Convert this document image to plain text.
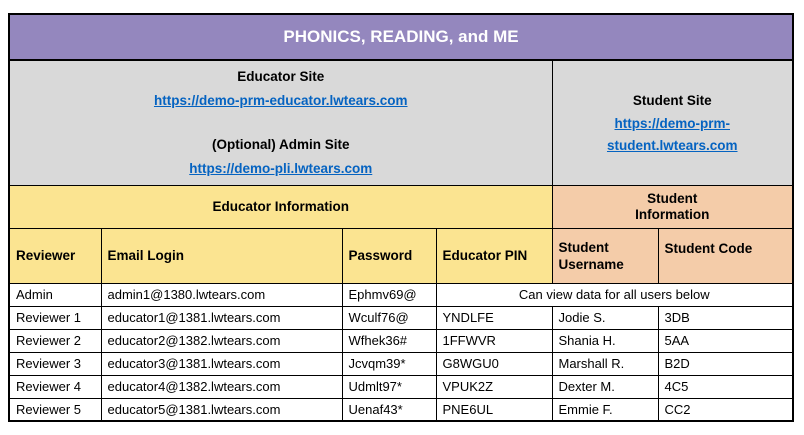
PHONICS, READING, and ME					

Educator Site
https://demo-prm-educator.lwtears.com
(Optional) Admin Site
https://demo-pli.lwtears.com

Student Site
https://demo-prm-student.lwtears.com

Educator Information				Student Information	

Reviewer	Email Login	Password	Educator PIN	Student Username	Student Code
Admin	admin1@1380.lwtears.com	Ephmv69@	Can view data for all users below		
Reviewer 1	educator1@1381.lwtears.com	Wculf76@	YNDLFE	Jodie S.	3DB
Reviewer 2	educator2@1382.lwtears.com	Wfhek36#	1FFWVR	Shania H.	5AA
Reviewer 3	educator3@1381.lwtears.com	Jcvqm39*	G8WGU0	Marshall R.	B2D
Reviewer 4	educator4@1382.lwtears.com	Udmlt97*	VPUK2Z	Dexter M.	4C5
Reviewer 5	educator5@1381.lwtears.com	Uenaf43*	PNE6UL	Emmie F.	CC2
